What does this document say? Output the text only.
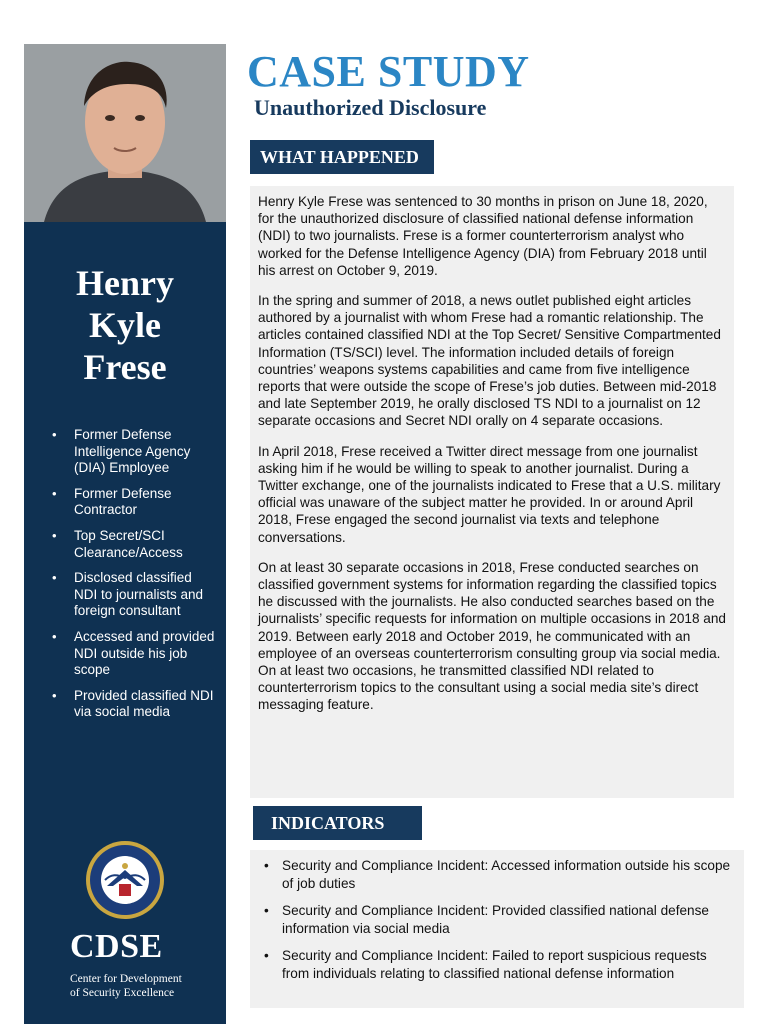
Henry
Kyle
Frese
• Former Defense Intelligence Agency (DIA) Employee
• Former Defense Contractor
• Top Secret/SCI Clearance/Access
• Disclosed classified NDI to journalists and foreign consultant
• Accessed and provided NDI outside his job scope
• Provided classified NDI via social media
CDSE
Center for Development
of Security Excellence
CASE STUDY
Unauthorized Disclosure
WHAT HAPPENED

Henry Kyle Frese was sentenced to 30 months in prison on June 18, 2020, for the unauthorized disclosure of classified national defense information (NDI) to two journalists. Frese is a former counterterrorism analyst who worked for the Defense Intelligence Agency (DIA) from February 2018 until his arrest on October 9, 2019.

In the spring and summer of 2018, a news outlet published eight articles authored by a journalist with whom Frese had a romantic relationship. The articles contained classified NDI at the Top Secret/ Sensitive Compartmented Information (TS/SCI) level. The information included details of foreign countries’ weapons systems capabilities and came from five intelligence reports that were outside the scope of Frese’s job duties. Between mid-2018 and late September 2019, he orally disclosed TS NDI to a journalist on 12 separate occasions and Secret NDI orally on 4 separate occasions.

In April 2018, Frese received a Twitter direct message from one journalist asking him if he would be willing to speak to another journalist. During a Twitter exchange, one of the journalists indicated to Frese that a U.S. military official was unaware of the subject matter he provided. In or around April 2018, Frese engaged the second journalist via texts and telephone conversations.

On at least 30 separate occasions in 2018, Frese conducted searches on classified government systems for information regarding the classified topics he discussed with the journalists. He also conducted searches based on the journalists’ specific requests for information on multiple occasions in 2018 and 2019. Between early 2018 and October 2019, he communicated with an employee of an overseas counterterrorism consulting group via social media. On at least two occasions, he transmitted classified NDI related to counterterrorism topics to the consultant using a social media site’s direct messaging feature.

INDICATORS
• Security and Compliance Incident: Accessed information outside his scope of job duties
• Security and Compliance Incident: Provided classified national defense information via social media
• Security and Compliance Incident: Failed to report suspicious requests from individuals relating to classified national defense information
